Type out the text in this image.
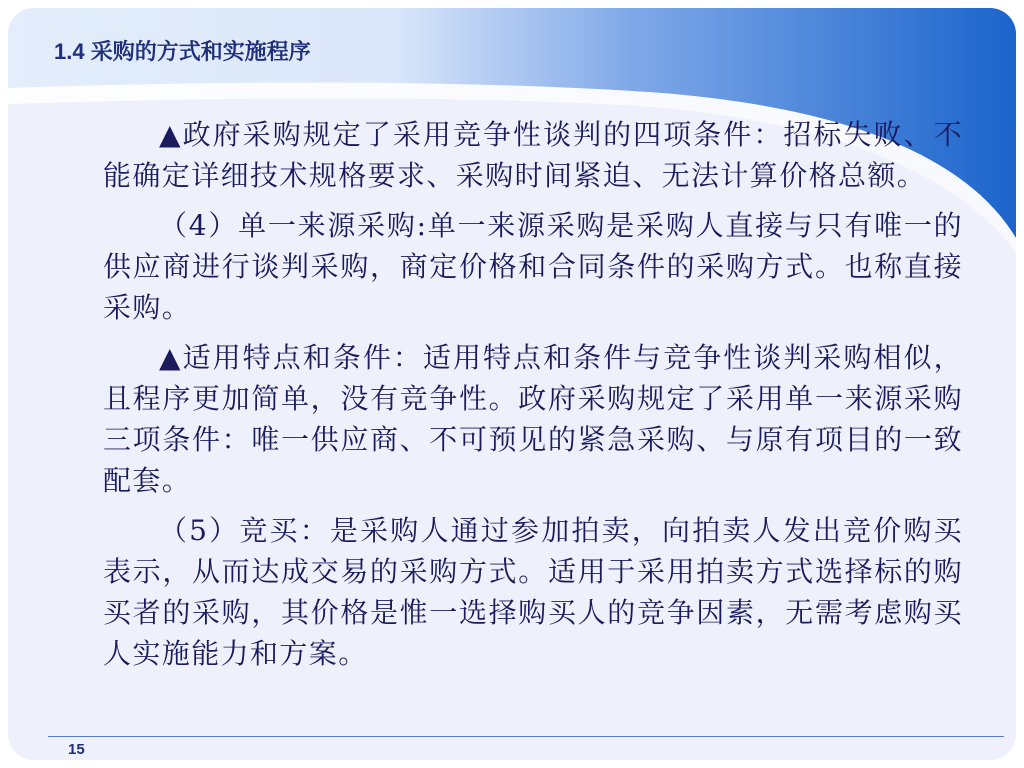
1.4 采购的方式和实施程序

▲政府采购规定了采用竞争性谈判的四项条件：招标失败、不能确定详细技术规格要求、采购时间紧迫、无法计算价格总额。

（4）单一来源采购:单一来源采购是采购人直接与只有唯一的供应商进行谈判采购，商定价格和合同条件的采购方式。也称直接采购。

▲适用特点和条件：适用特点和条件与竞争性谈判采购相似，且程序更加简单，没有竞争性。政府采购规定了采用单一来源采购三项条件：唯一供应商、不可预见的紧急采购、与原有项目的一致配套。

（5）竞买：是采购人通过参加拍卖，向拍卖人发出竞价购买表示，从而达成交易的采购方式。适用于采用拍卖方式选择标的购买者的采购，其价格是惟一选择购买人的竞争因素，无需考虑购买人实施能力和方案。

15
